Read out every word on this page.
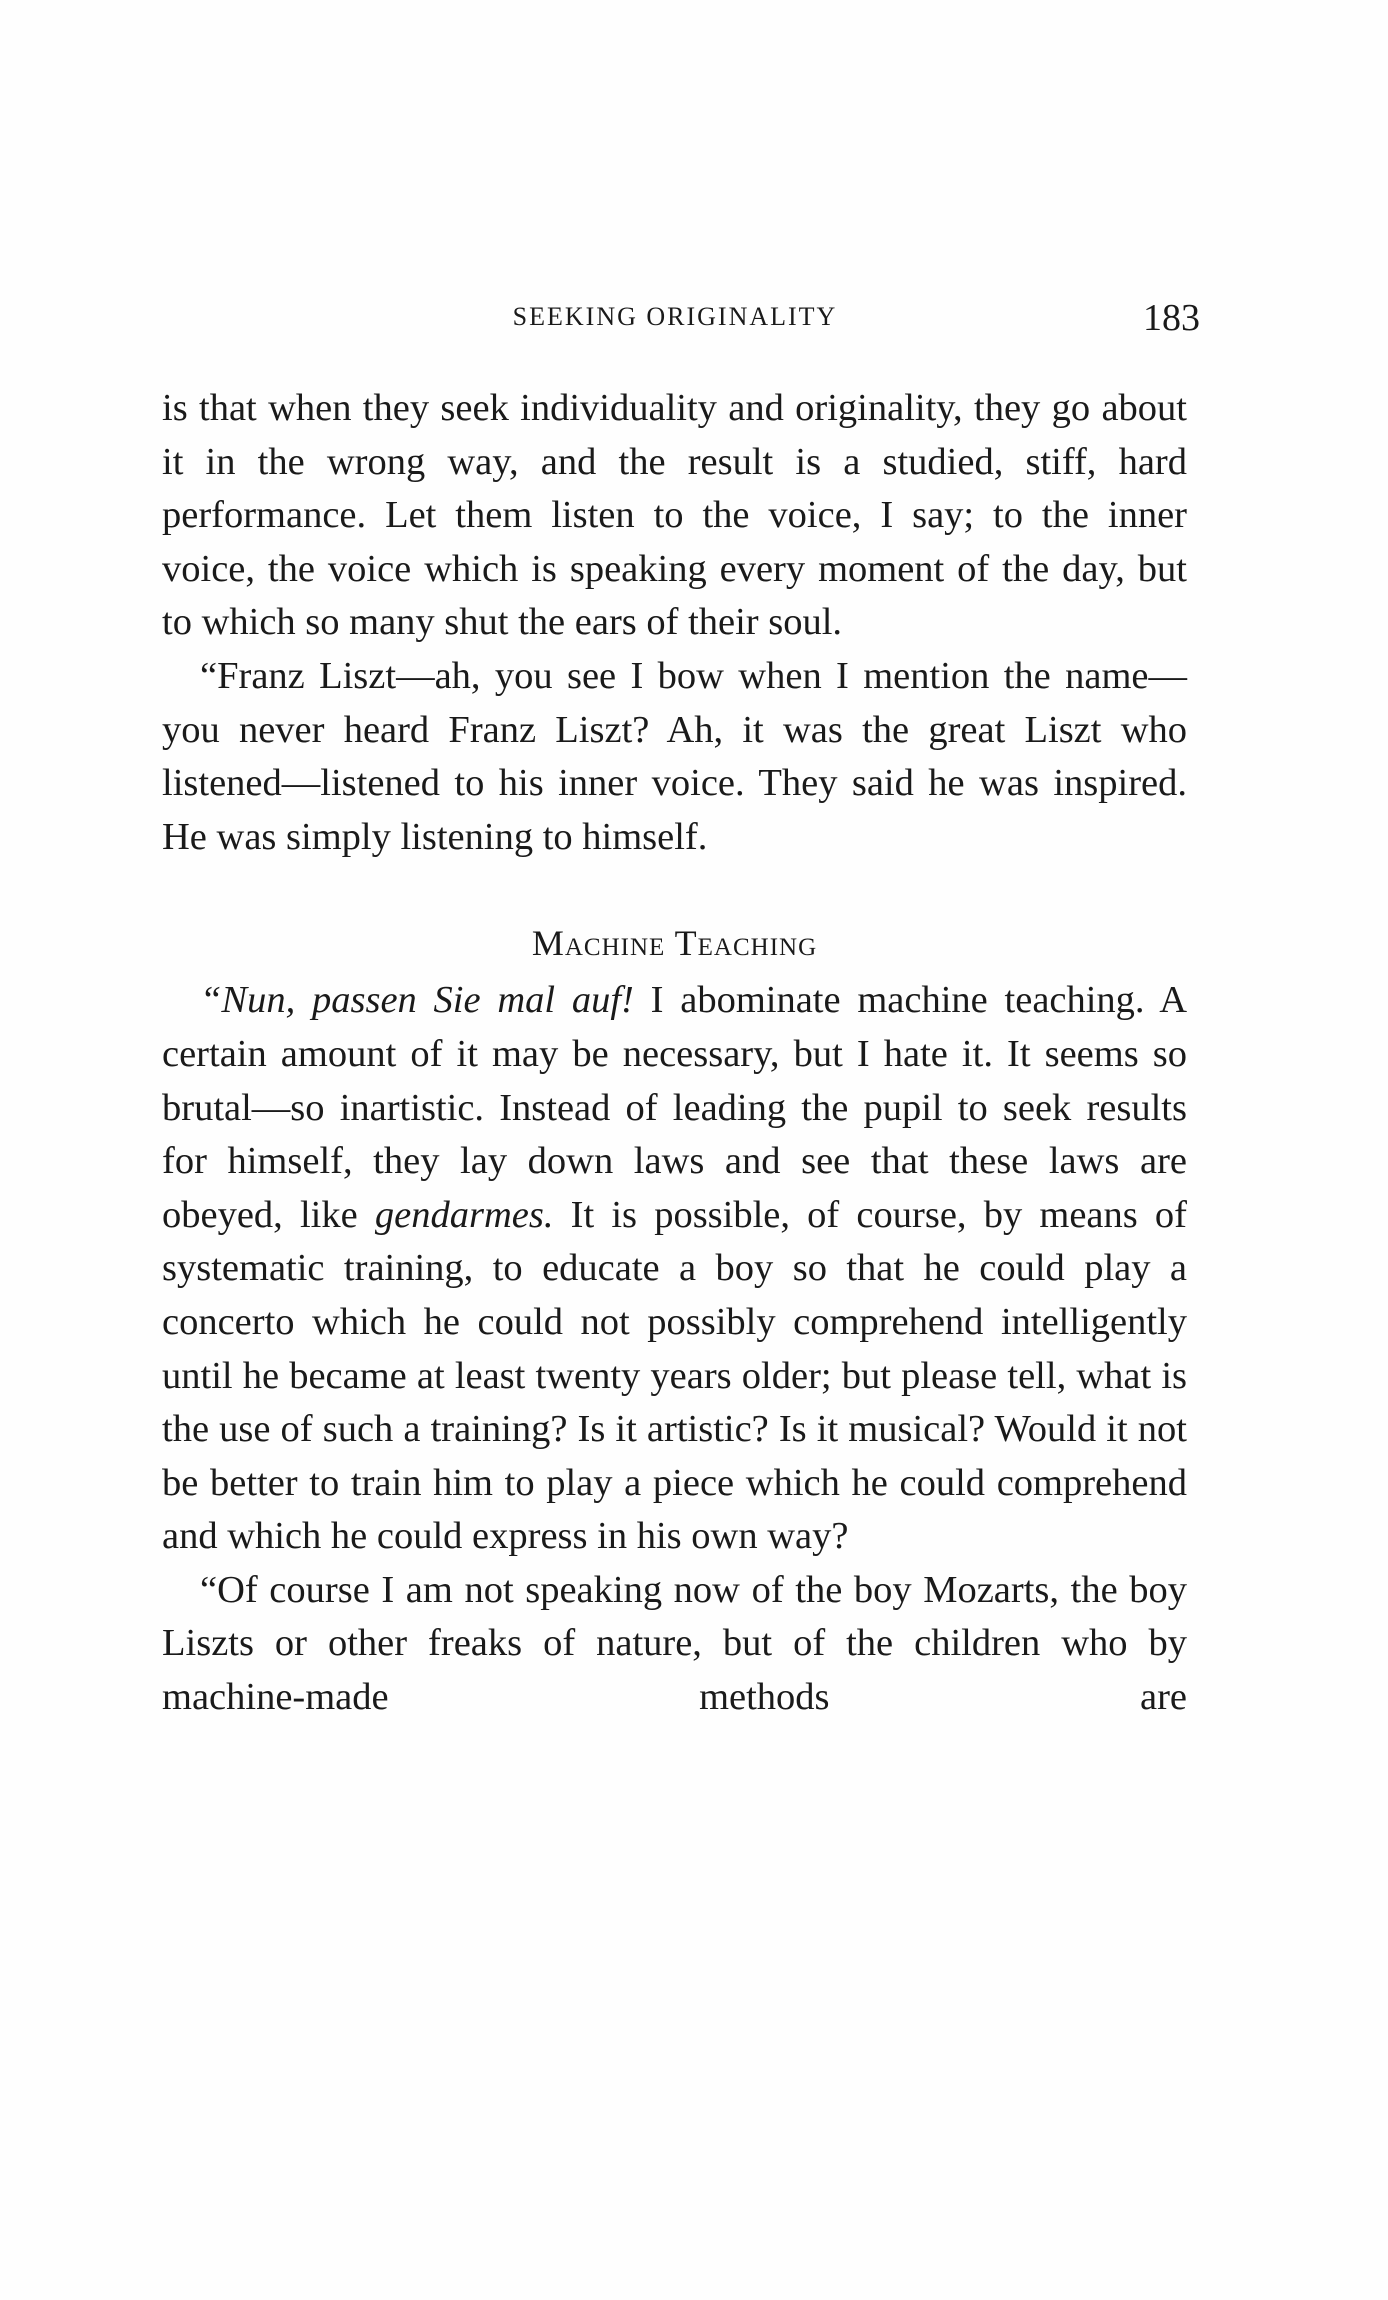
SEEKING ORIGINALITY	183

is that when they seek individuality and originality, they go about it in the wrong way, and the result is a studied, stiff, hard performance. Let them listen to the voice, I say; to the inner voice, the voice which is speaking every moment of the day, but to which so many shut the ears of their soul.

“Franz Liszt—ah, you see I bow when I mention the name—you never heard Franz Liszt? Ah, it was the great Liszt who listened—listened to his inner voice. They said he was inspired. He was simply listening to himself.

Machine Teaching

“Nun, passen Sie mal auf! I abominate machine teaching. A certain amount of it may be necessary, but I hate it. It seems so brutal—so inartistic. Instead of leading the pupil to seek results for himself, they lay down laws and see that these laws are obeyed, like gendarmes. It is possible, of course, by means of systematic training, to educate a boy so that he could play a concerto which he could not possibly comprehend intelligently until he became at least twenty years older; but please tell, what is the use of such a training? Is it artistic? Is it musical? Would it not be better to train him to play a piece which he could comprehend and which he could express in his own way?

“Of course I am not speaking now of the boy Mozarts, the boy Liszts or other freaks of nature, but of the children who by machine-made methods are
